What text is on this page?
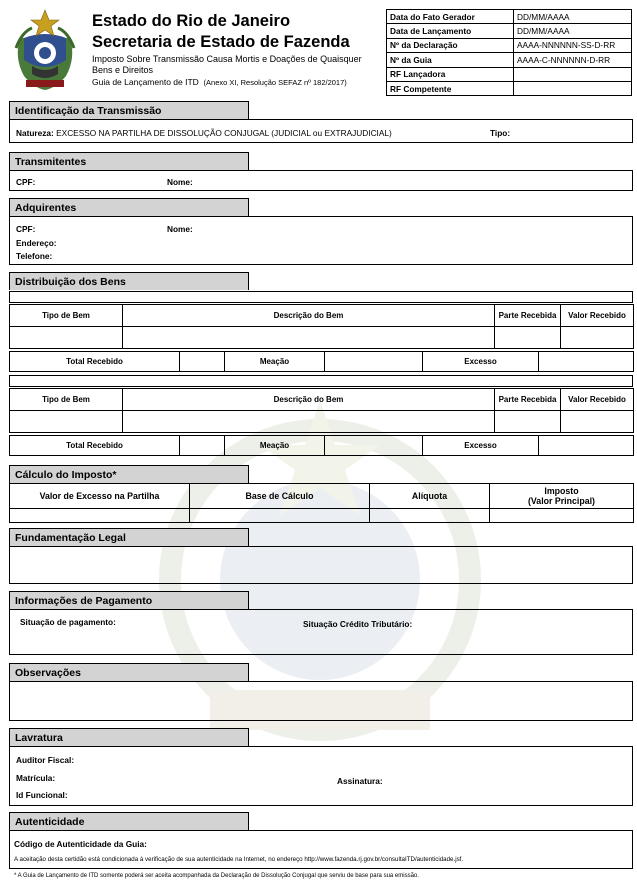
Estado do Rio de Janeiro
Secretaria de Estado de Fazenda
Imposto Sobre Transmissão Causa Mortis e Doações de Quaisquer
Bens e Direitos
Guia de Lançamento de ITD (Anexo XI, Resolução SEFAZ nº 182/2017)
Data do Fato Gerador	DD/MM/AAAA
Data de Lançamento	DD/MM/AAAA
Nº da Declaração	AAAA-NNNNNN-SS-D-RR
Nº da Guia	AAAA-C-NNNNNN-D-RR
RF Lançadora	
RF Competente	
Identificação da Transmissão
Natureza: EXCESSO NA PARTILHA DE DISSOLUÇÃO CONJUGAL (JUDICIAL ou EXTRAJUDICIAL)	Tipo:
Transmitentes
CPF:	Nome:
Adquirentes
CPF:	Nome:
Endereço:
Telefone:
Distribuição dos Bens
Tipo de Bem	Descrição do Bem	Parte Recebida	Valor Recebido

Total Recebido		Meação		Excesso	
Tipo de Bem	Descrição do Bem	Parte Recebida	Valor Recebido

Total Recebido		Meação		Excesso	
Cálculo do Imposto*
Valor de Excesso na Partilha	Base de Cálculo	Alíquota	Imposto
(Valor Principal)

Fundamentação Legal
Informações de Pagamento
Situação de pagamento:	Situação Crédito Tributário:
Observações
Lavratura
Auditor Fiscal:
Matrícula:	Assinatura:
Id Funcional:
Autenticidade
Código de Autenticidade da Guia:
A aceitação desta certidão está condicionada à verificação de sua autenticidade na Internet, no endereço http://www.fazenda.rj.gov.br/consultaITD/autenticidade.jsf.
* A Guia de Lançamento de ITD somente poderá ser aceita acompanhada da Declaração de Dissolução Conjugal que serviu de base para sua emissão.
